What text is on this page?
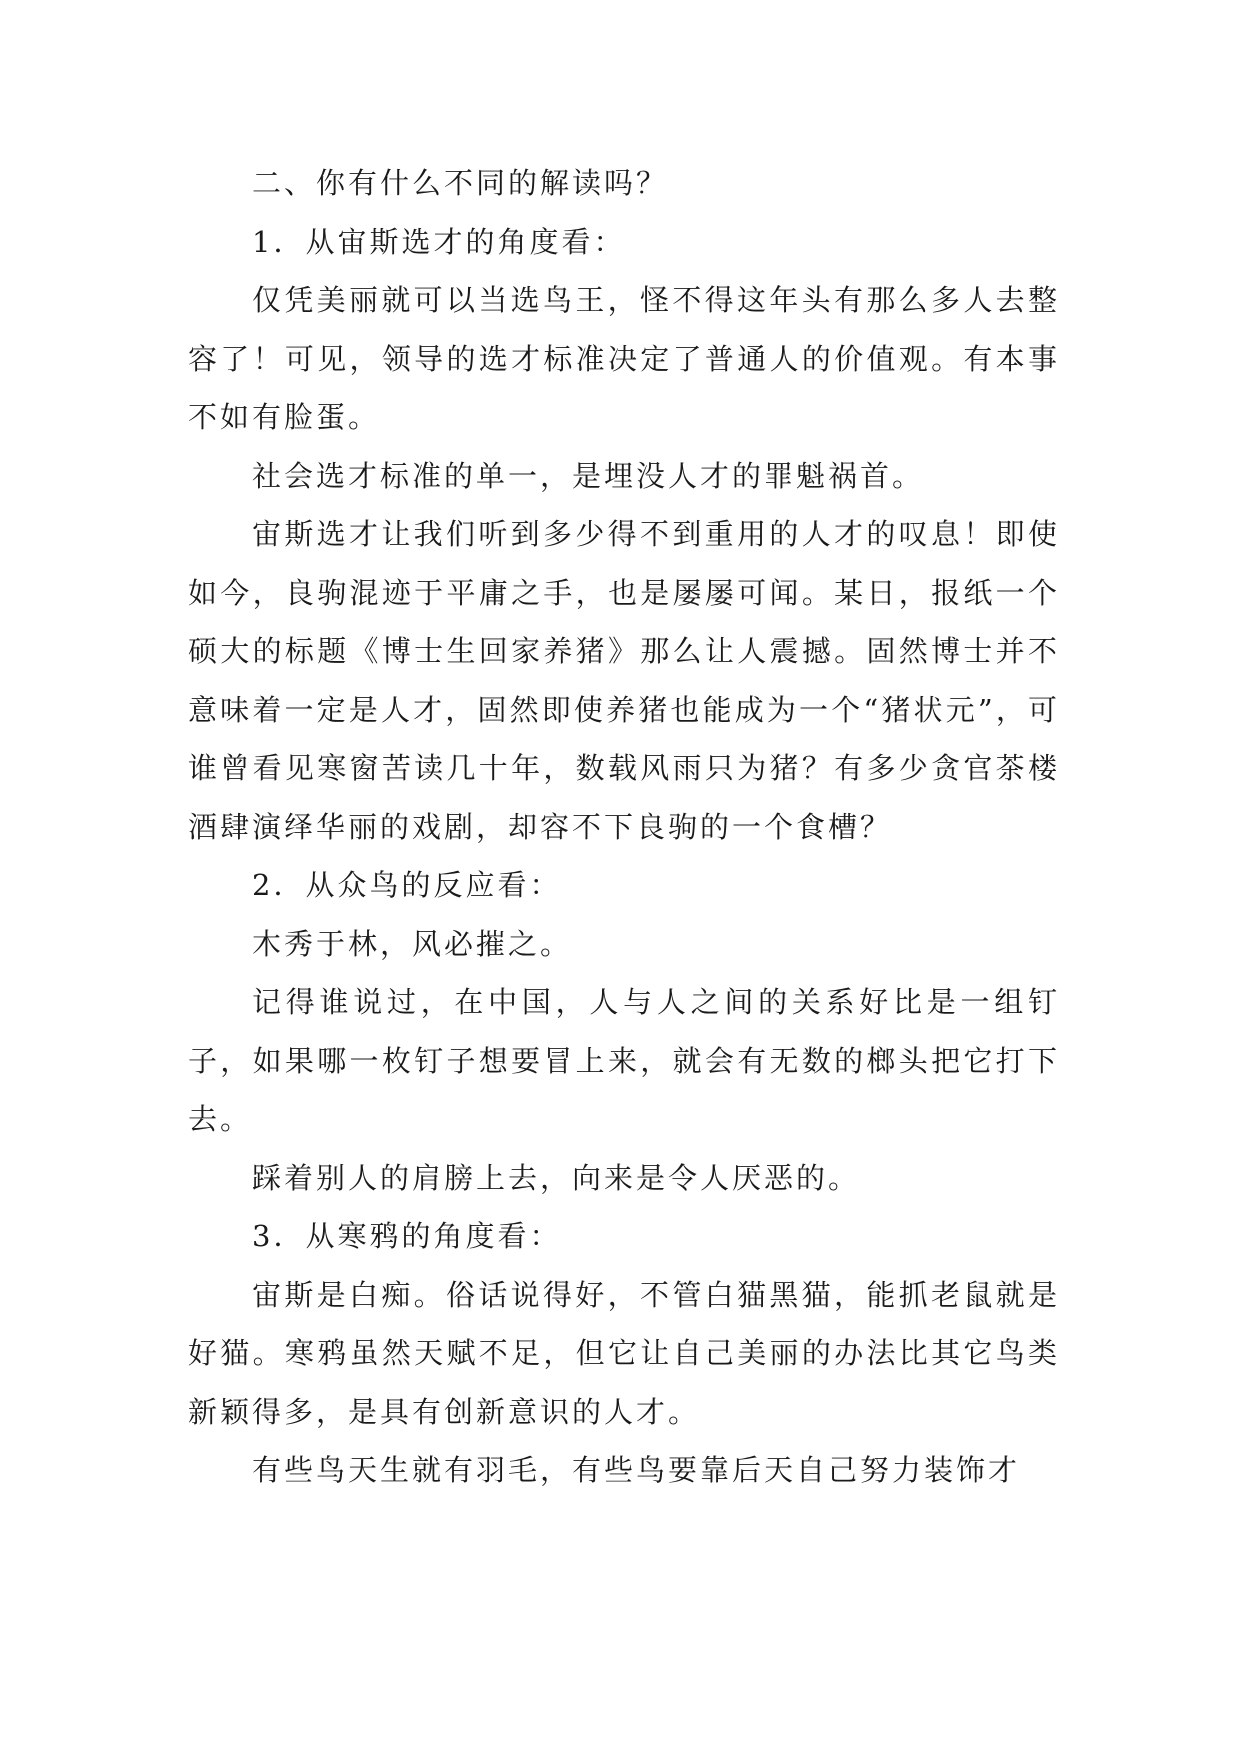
二、你有什么不同的解读吗？

1．从宙斯选才的角度看：

仅凭美丽就可以当选鸟王，怪不得这年头有那么多人去整容了！可见，领导的选才标准决定了普通人的价值观。有本事不如有脸蛋。

社会选才标准的单一，是埋没人才的罪魁祸首。

宙斯选才让我们听到多少得不到重用的人才的叹息！即使如今，良驹混迹于平庸之手，也是屡屡可闻。某日，报纸一个硕大的标题《博士生回家养猪》那么让人震撼。固然博士并不意味着一定是人才，固然即使养猪也能成为一个“猪状元”，可谁曾看见寒窗苦读几十年，数载风雨只为猪？有多少贪官茶楼酒肆演绎华丽的戏剧，却容不下良驹的一个食槽？

2．从众鸟的反应看：

木秀于林，风必摧之。

记得谁说过，在中国，人与人之间的关系好比是一组钉子，如果哪一枚钉子想要冒上来，就会有无数的榔头把它打下去。

踩着别人的肩膀上去，向来是令人厌恶的。

3．从寒鸦的角度看：

宙斯是白痴。俗话说得好，不管白猫黑猫，能抓老鼠就是好猫。寒鸦虽然天赋不足，但它让自己美丽的办法比其它鸟类新颖得多，是具有创新意识的人才。

有些鸟天生就有羽毛，有些鸟要靠后天自己努力装饰才
